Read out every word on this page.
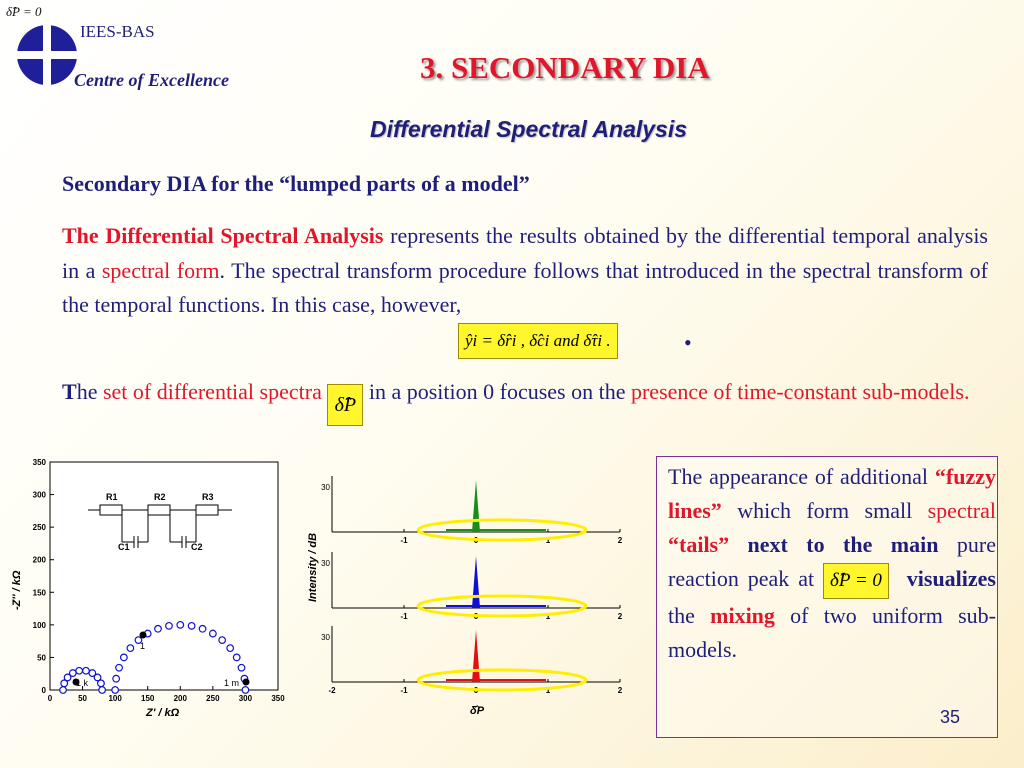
δ̂P = 0
IEES-BAS
Centre of Excellence	3. SECONDARY DIA
Differential Spectral Analysis
Secondary DIA for the “lumped parts of a model”
The Differential Spectral Analysis represents the results obtained by the differential temporal analysis in a spectral form. The spectral transform procedure follows that introduced in the spectral transform of the temporal functions. In this case, however,
ŷi = δ̂ri , δ̂ci and δ̂τi .	•
The set of differential spectra δ̂P in a position 0 focuses on the presence of time-constant sub-models.
0
50
100
150
200
250
300
350
0	50	100 150 200 250 300 350
R1	R2	R3
C1	C2
1 k
1
1 m
Z' / kΩ
-Z'' / kΩ
30
-1	0	1	2
30
-1	0	1	2
30
-2	-1	0	1	2
Intensity / dB
δ̂P
The appearance of additional “fuzzy lines” which form small spectral “tails” next to the main pure reaction peak at δ̂P = 0 visualizes the mixing of two uniform sub-models.
35
